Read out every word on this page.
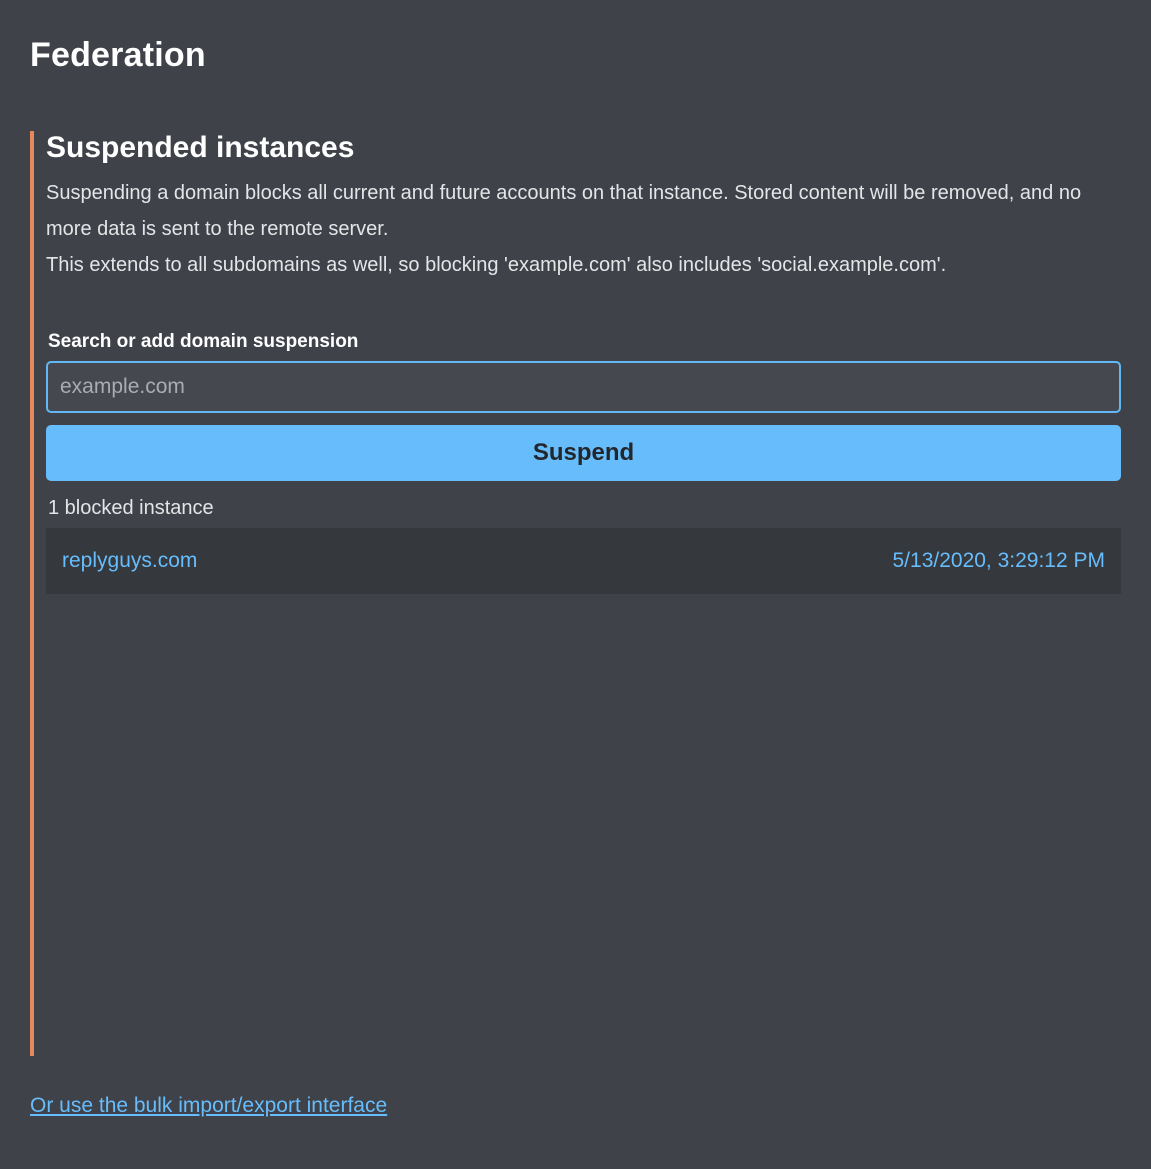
Federation
Suspended instances

Suspending a domain blocks all current and future accounts on that instance. Stored content will be removed, and no more data is sent to the remote server.

This extends to all subdomains as well, so blocking 'example.com' also includes 'social.example.com'.

Search or add domain suspension
example.com
Suspend
1 blocked instance
replyguys.com	5/13/2020, 3:29:12 PM
Or use the bulk import/export interface
